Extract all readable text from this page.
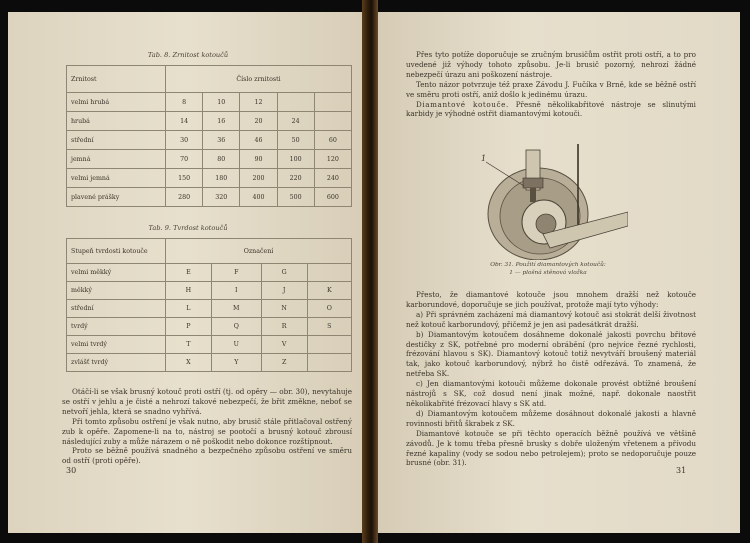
Tab. 8. Zrnitost kotoučů
Zrnitost	Číslo zrnitosti				
velmi hrubá	8	10	12		
hrubá	14	16	20	24	
střední	30	36	46	50	60
jemná	70	80	90	100	120
velmi jemná	150	180	200	220	240
plavené prášky	280	320	400	500	600
Tab. 9. Tvrdost kotoučů
Stupeň tvrdosti kotouče	Označení			
velmi měkký	E	F	G	
měkký	H	I	J	K
střední	L	M	N	O
tvrdý	P	Q	R	S
velmi tvrdý	T	U	V	
zvlášť tvrdý	X	Y	Z	

Otáčí-li se však brusný kotouč proti ostří (tj. od opěry — obr. 30), nevytahuje se ostří v jehlu a je čisté a nehrozí takové nebezpečí, že břit změkne, neboť se netvoří jehla, která se snadno vyhřívá.

Při tomto způsobu ostření je však nutno, aby brusič stále přitlačoval ostřený zub k opěře. Zapomene-li na to, nástroj se pootočí a brusný kotouč zbrousí následující zuby a může nárazem o ně poškodit nebo dokonce rozštípnout.

Proto se běžně používá snadného a bezpečného způsobu ostření ve směru od ostří (proti opěře).

30

Přes tyto potíže doporučuje se zručným brusičům ostřit proti ostří, a to pro uvedené již výhody tohoto způsobu. Je-li brusič pozorný, nehrozí žádné nebezpečí úrazu ani poškození nástroje.

Tento názor potvrzuje též praxe Závodu J. Fučíka v Brně, kde se běžně ostří ve směru proti ostří, aniž došlo k jedinému úrazu.

Diamantové kotouče. Přesně několikabřitové nástroje se slinutými karbidy je výhodné ostřit diamantovými kotouči.

1
Obr. 31. Použití diamantových kotoučů:
1 — plošná stěnová vložka

Přesto, že diamantové kotouče jsou mnohem dražší než kotouče karborundové, doporučuje se jich používat, protože mají tyto výhody:

a) Při správném zacházení má diamantový kotouč asi stokrát delší životnost než kotouč karborundový, přičemž je jen asi padesátkrát dražší.

b) Diamantovým kotoučem dosáhneme dokonalé jakosti povrchu břitové destičky z SK, potřebné pro moderní obrábění (pro nejvíce řezné rychlosti, frézování hlavou s SK). Diamantový kotouč totiž nevytváří broušený materiál tak, jako kotouč karborundový, nýbrž ho čistě odřezává. To znamená, že netřeba SK.

c) Jen diamantovými kotouči můžeme dokonale provést obtížné broušení nástrojů s SK, což dosud není jinak možné, např. dokonale naostřit několikabřité frézovací hlavy s SK atd.

d) Diamantovým kotoučem můžeme dosáhnout dokonalé jakosti a hlavně rovinnosti břitů škrabek z SK.

Diamantové kotouče se při těchto operacích běžně používá ve většině závodů. Je k tomu třeba přesně brusky s dobře uloženým vřetenem a přívodu řezné kapaliny (vody se sodou nebo petrolejem); proto se nedoporučuje pouze brusné (obr. 31).

31
